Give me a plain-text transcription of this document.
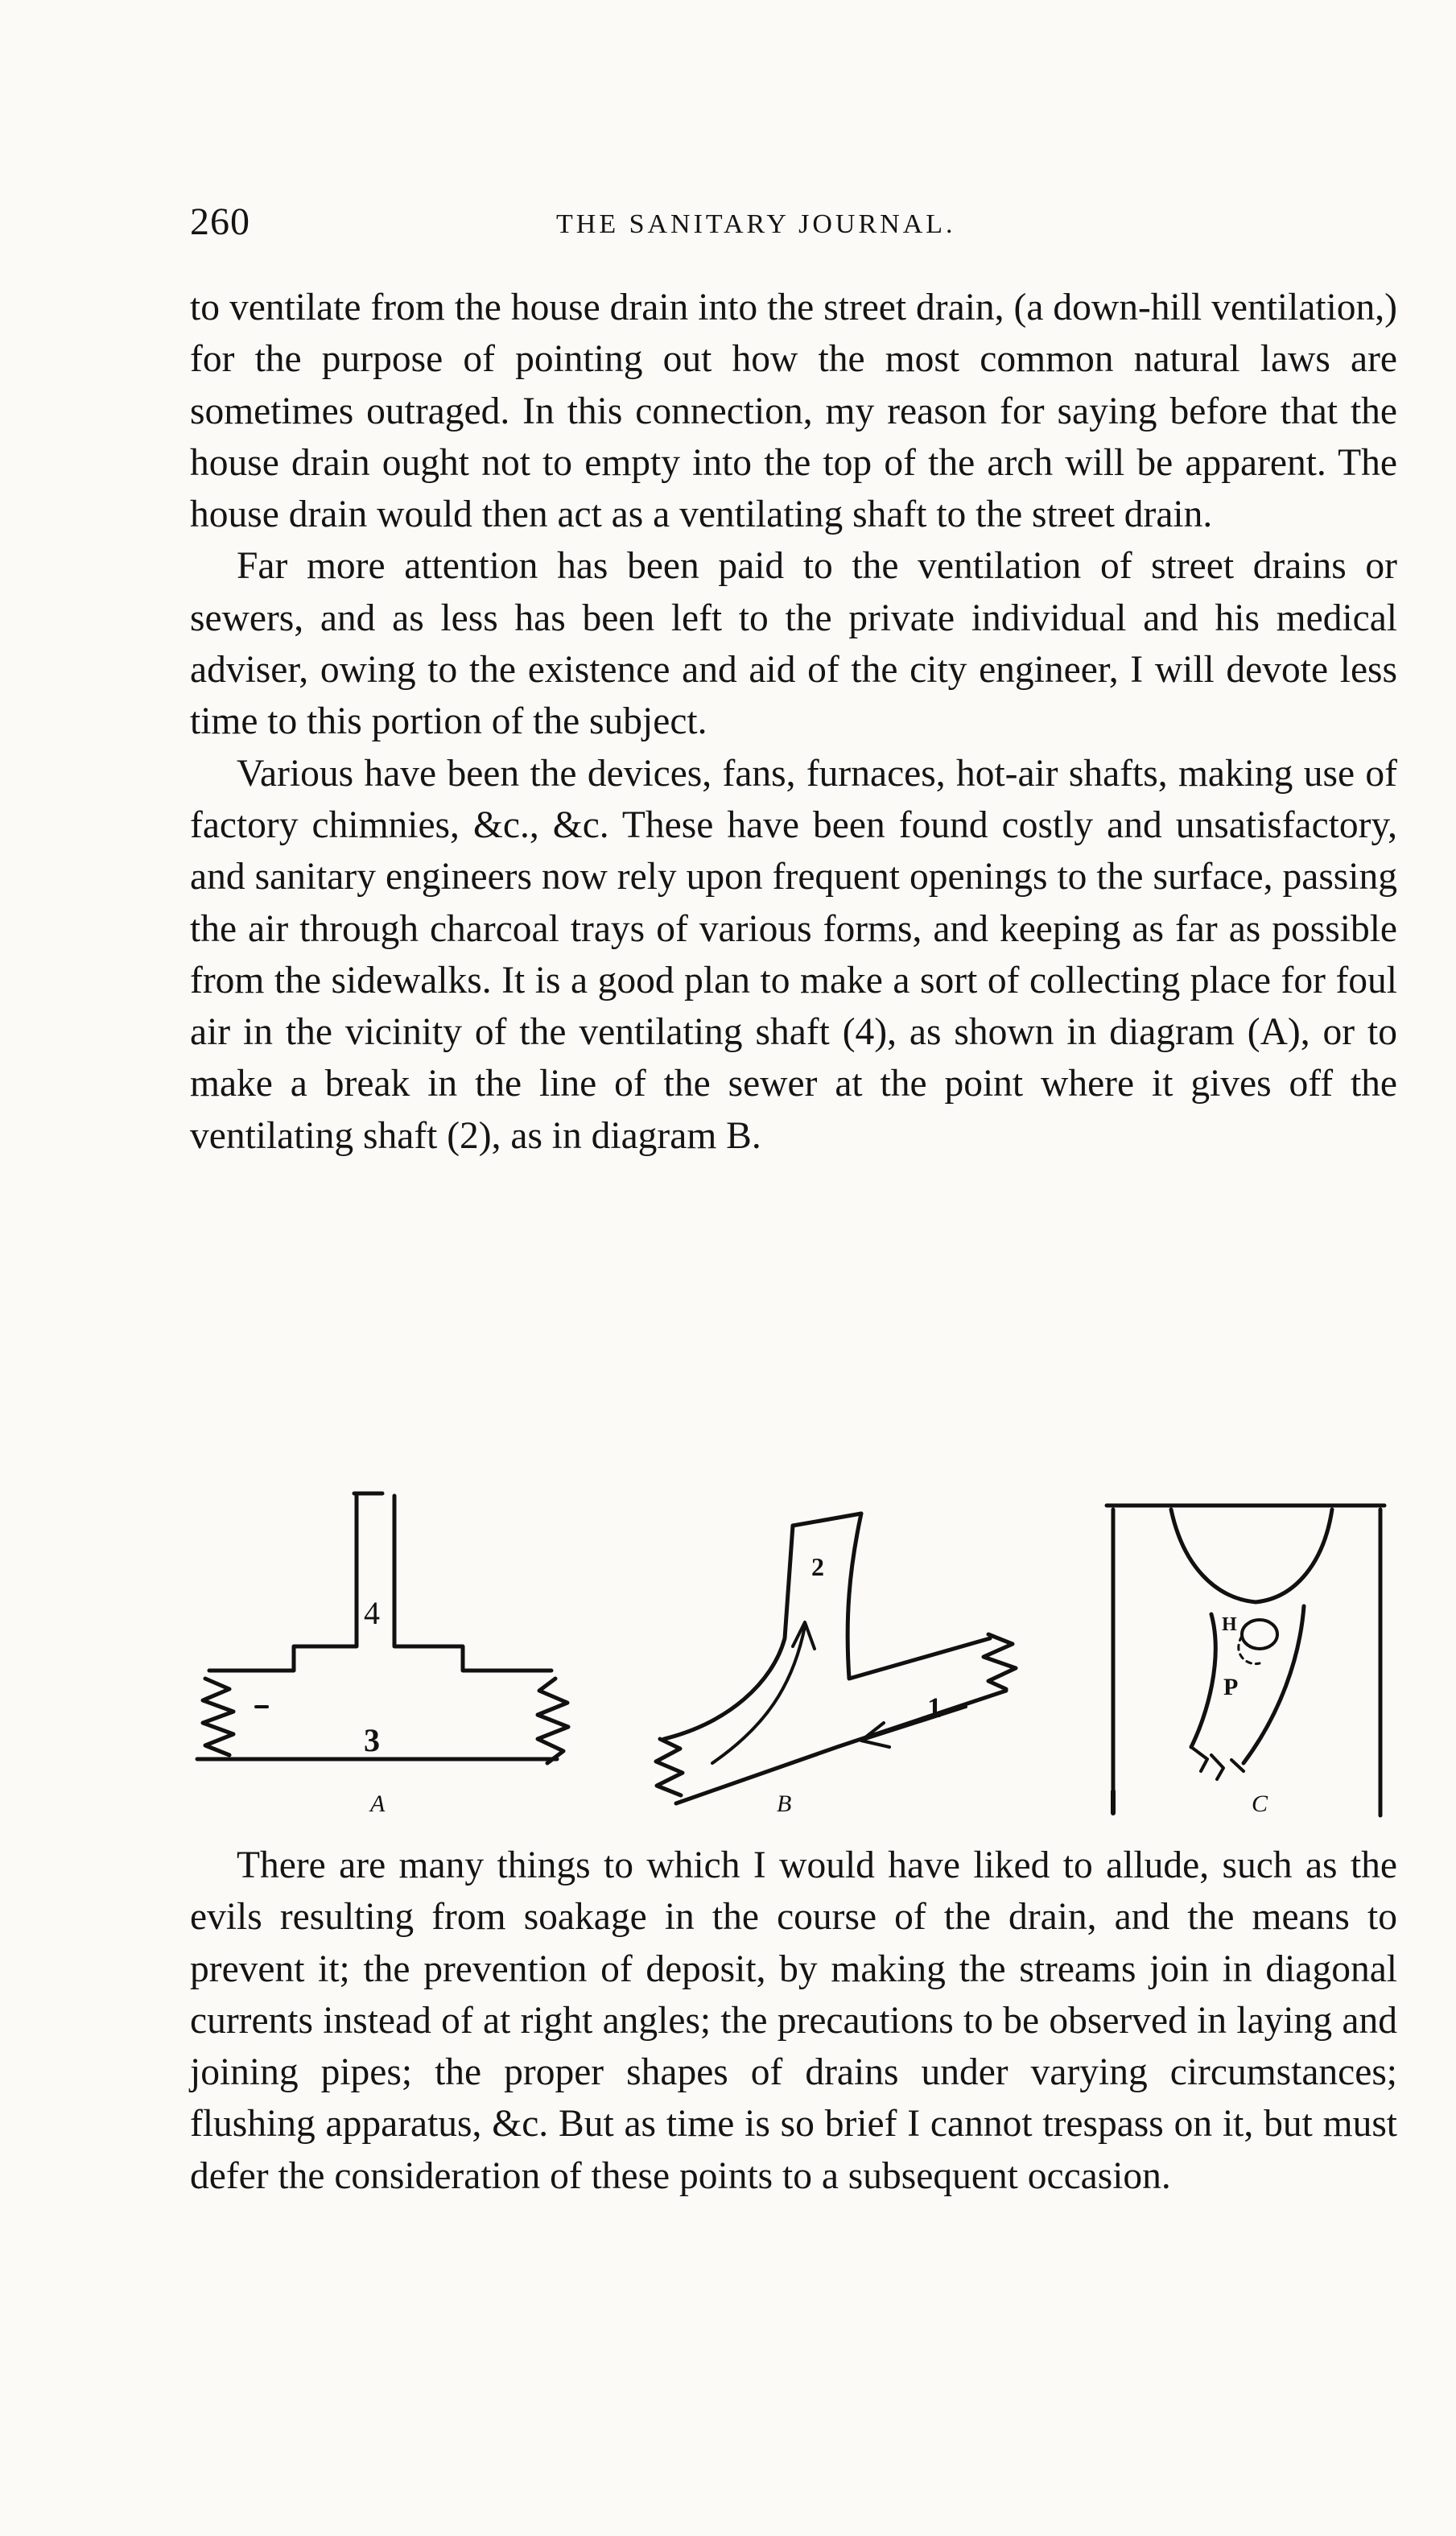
260	THE SANITARY JOURNAL.

to ventilate from the house drain into the street drain, (a down-hill ventilation,) for the purpose of pointing out how the most common natural laws are sometimes outraged. In this connection, my reason for saying before that the house drain ought not to empty into the top of the arch will be apparent. The house drain would then act as a ventilating shaft to the street drain.

Far more attention has been paid to the ventilation of street drains or sewers, and as less has been left to the private individual and his medical adviser, owing to the existence and aid of the city engineer, I will devote less time to this portion of the subject.

Various have been the devices, fans, furnaces, hot-air shafts, making use of factory chimnies, &c., &c. These have been found costly and unsatisfactory, and sanitary engineers now rely upon frequent openings to the surface, passing the air through charcoal trays of various forms, and keeping as far as possible from the sidewalks. It is a good plan to make a sort of collecting place for foul air in the vicinity of the ventilating shaft (4), as shown in diagram (A), or to make a break in the line of the sewer at the point where it gives off the ventilating shaft (2), as in diagram B.

4
3
2
1
H
P
A	B	C

There are many things to which I would have liked to allude, such as the evils resulting from soakage in the course of the drain, and the means to prevent it; the prevention of deposit, by making the streams join in diagonal currents instead of at right angles; the precautions to be observed in laying and joining pipes; the proper shapes of drains under varying circumstances; flushing apparatus, &c. But as time is so brief I cannot trespass on it, but must defer the consideration of these points to a subsequent occasion.
